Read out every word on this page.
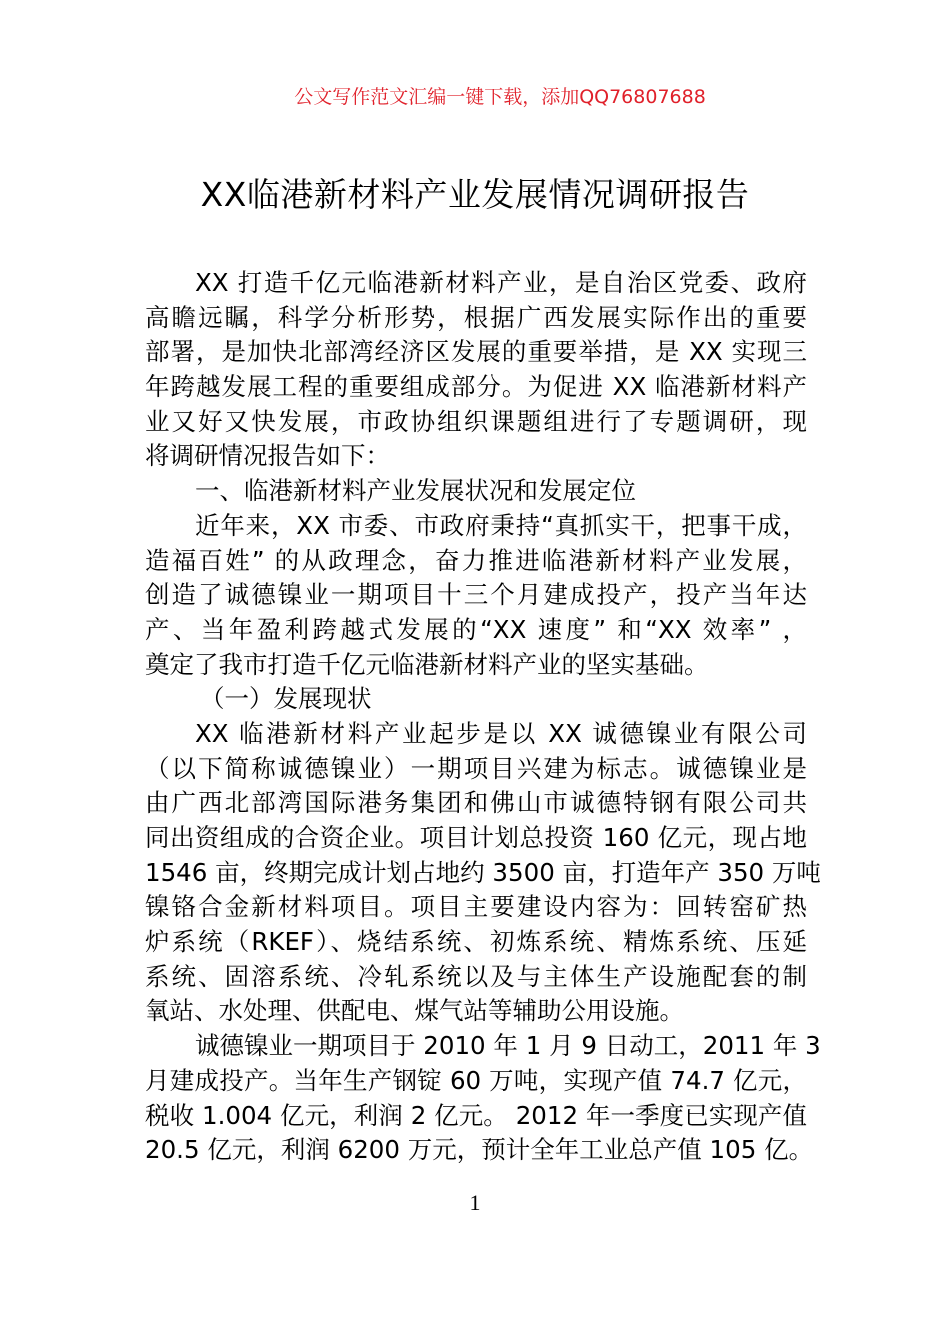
公文写作范文汇编一键下载，添加QQ76807688
XX临港新材料产业发展情况调研报告
XX 打造千亿元临港新材料产业，是自治区党委、政府
高瞻远瞩，科学分析形势，根据广西发展实际作出的重要
部署，是加快北部湾经济区发展的重要举措，是 XX 实现三
年跨越发展工程的重要组成部分。为促进 XX 临港新材料产
业又好又快发展，市政协组织课题组进行了专题调研，现
将调研情况报告如下：
一、临港新材料产业发展状况和发展定位
近年来，XX 市委、市政府秉持“真抓实干，把事干成，
造福百姓” 的从政理念，奋力推进临港新材料产业发展，
创造了诚德镍业一期项目十三个月建成投产，投产当年达
产、当年盈利跨越式发展的“XX 速度” 和“XX 效率” ，
奠定了我市打造千亿元临港新材料产业的坚实基础。
（一）发展现状
XX 临港新材料产业起步是以 XX 诚德镍业有限公司
（以下简称诚德镍业）一期项目兴建为标志。诚德镍业是
由广西北部湾国际港务集团和佛山市诚德特钢有限公司共
同出资组成的合资企业。项目计划总投资 160 亿元，现占地
1546 亩，终期完成计划占地约 3500 亩，打造年产 350 万吨
镍铬合金新材料项目。项目主要建设内容为：回转窑矿热
炉系统（RKEF）、烧结系统、初炼系统、精炼系统、压延
系统、固溶系统、冷轧系统以及与主体生产设施配套的制
氧站、水处理、供配电、煤气站等辅助公用设施。
诚德镍业一期项目于 2010 年 1 月 9 日动工，2011 年 3
月建成投产。当年生产钢锭 60 万吨，实现产值 74.7 亿元，
税收 1.004 亿元，利润 2 亿元。 2012 年一季度已实现产值
20.5 亿元，利润 6200 万元，预计全年工业总产值 105 亿。
1
